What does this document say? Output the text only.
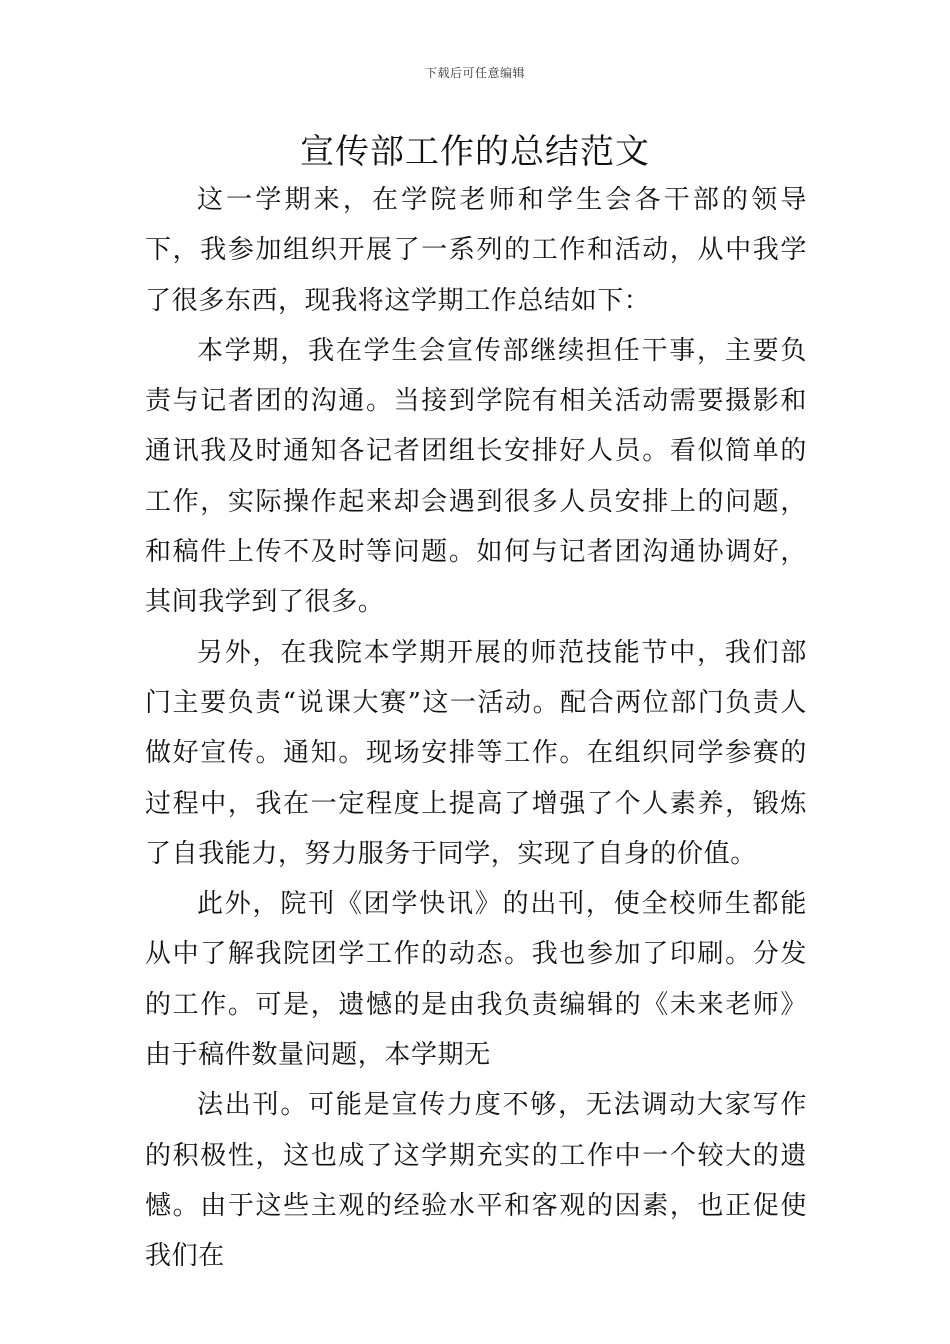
下载后可任意编辑
宣传部工作的总结范文

这一学期来，在学院老师和学生会各干部的领导下，我参加组织开展了一系列的工作和活动，从中我学了很多东西，现我将这学期工作总结如下：

本学期，我在学生会宣传部继续担任干事，主要负责与记者团的沟通。当接到学院有相关活动需要摄影和通讯我及时通知各记者团组长安排好人员。看似简单的工作，实际操作起来却会遇到很多人员安排上的问题，和稿件上传不及时等问题。如何与记者团沟通协调好，其间我学到了很多。

另外，在我院本学期开展的师范技能节中，我们部门主要负责“说课大赛”这一活动。配合两位部门负责人做好宣传。通知。现场安排等工作。在组织同学参赛的过程中，我在一定程度上提高了增强了个人素养，锻炼了自我能力，努力服务于同学，实现了自身的价值。

此外，院刊《团学快讯》的出刊，使全校师生都能从中了解我院团学工作的动态。我也参加了印刷。分发的工作。可是，遗憾的是由我负责编辑的《未来老师》由于稿件数量问题，本学期无

法出刊。可能是宣传力度不够，无法调动大家写作的积极性，这也成了这学期充实的工作中一个较大的遗憾。由于这些主观的经验水平和客观的因素，也正促使我们在
